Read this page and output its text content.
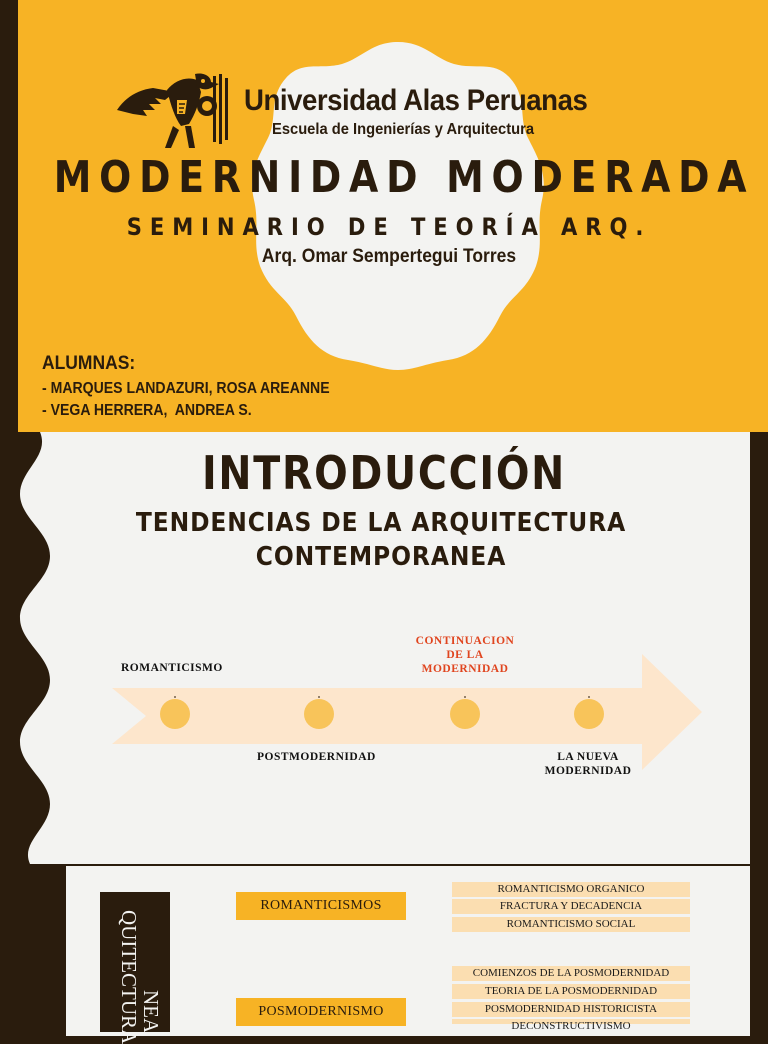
Universidad Alas Peruanas
Escuela de Ingenierías y Arquitectura
MODERNIDAD MODERADA
SEMINARIO DE TEORÍA ARQ.
Arq. Omar Sempertegui Torres
ALUMNAS:
- MARQUES LANDAZURI, ROSA AREANNE
- VEGA HERRERA,  ANDREA S.
INTRODUCCIÓN
TENDENCIAS DE LA ARQUITECTURA
CONTEMPORANEA
ROMANTICISMO
CONTINUACION
DE LA
MODERNIDAD
POSTMODERNIDAD	LA NUEVA
MODERNIDAD
QUITECTURA
NEA
ROMANTICISMOS
ROMANTICISMO ORGANICO
FRACTURA Y DECADENCIA
ROMANTICISMO SOCIAL
POSMODERNISMO
COMIENZOS DE LA POSMODERNIDAD
TEORIA DE LA POSMODERNIDAD
POSMODERNIDAD HISTORICISTA
